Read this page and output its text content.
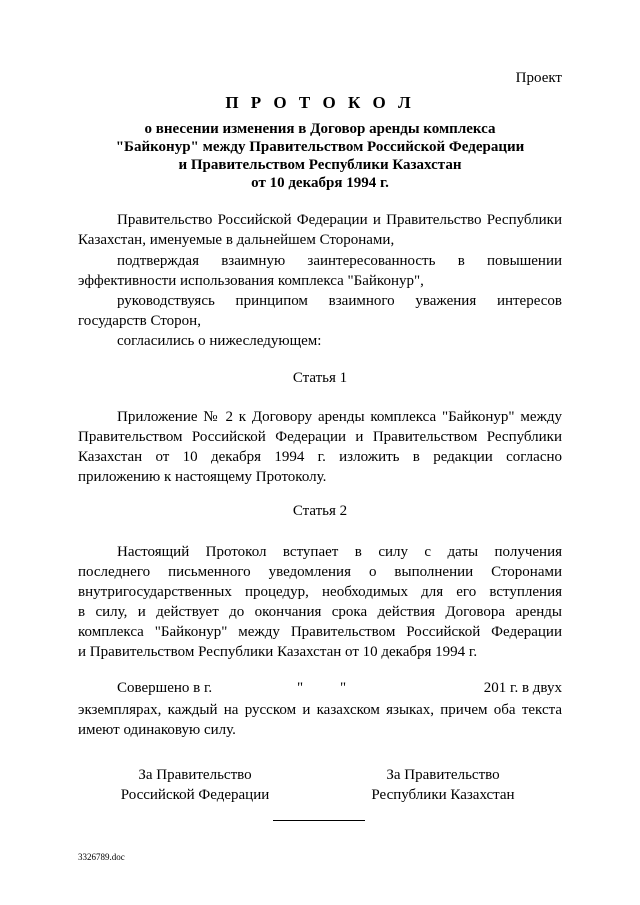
Проект
П Р О Т О К О Л
о внесении изменения в Договор аренды комплекса
"Байконур" между Правительством Российской Федерации
и Правительством Республики Казахстан
от 10 декабря 1994 г.
Правительство Российской Федерации и Правительство Республики
Казахстан, именуемые в дальнейшем Сторонами,
подтверждая взаимную заинтересованность в повышении
эффективности использования комплекса "Байконур",
руководствуясь принципом взаимного уважения интересов
государств Сторон,
согласились о нижеследующем:
Статья 1
Приложение № 2 к Договору аренды комплекса "Байконур" между
Правительством Российской Федерации и Правительством Республики
Казахстан от 10 декабря 1994 г. изложить в редакции согласно
приложению к настоящему Протоколу.
Статья 2
Настоящий Протокол вступает в силу с даты получения
последнего письменного уведомления о выполнении Сторонами
внутригосударственных процедур, необходимых для его вступления
в силу, и действует до окончания срока действия Договора аренды
комплекса "Байконур" между Правительством Российской Федерации
и Правительством Республики Казахстан от 10 декабря 1994 г.
Совершено в г.	" "	201 г. в двух
экземплярах, каждый на русском и казахском языках, причем оба текста
имеют одинаковую силу.
За Правительство
Российской Федерации
За Правительство
Республики Казахстан
3326789.doc
